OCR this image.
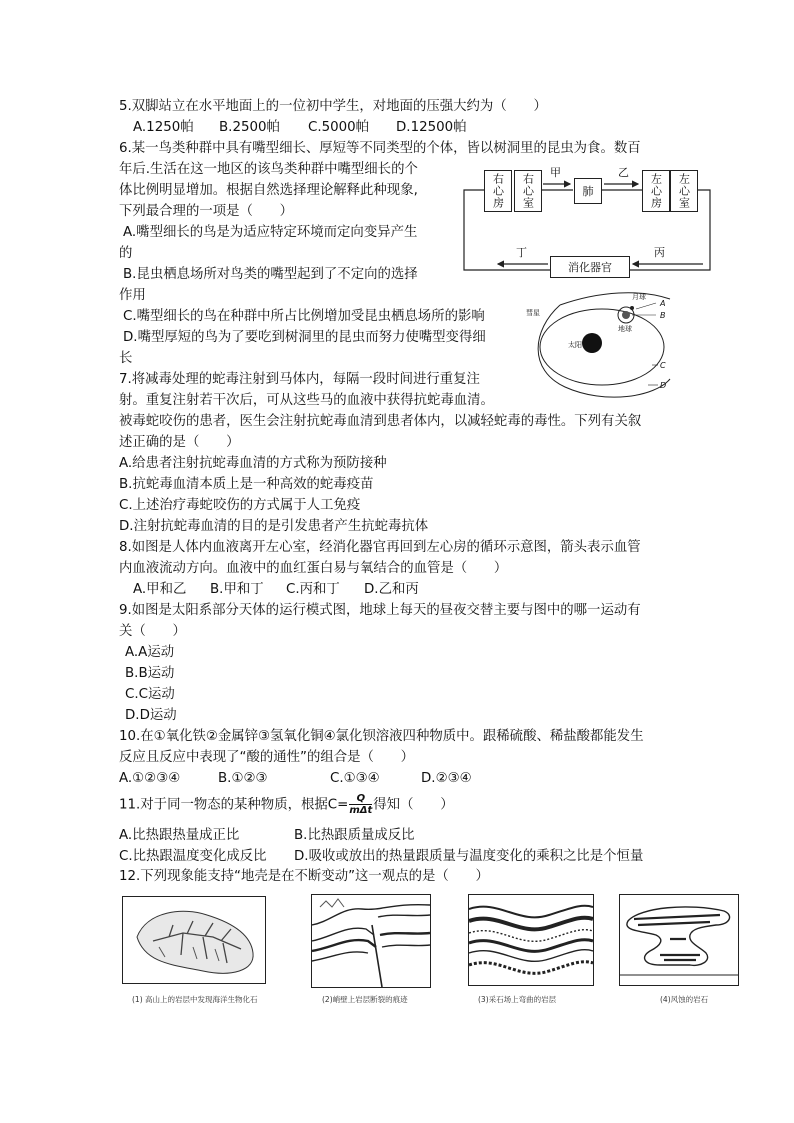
5.双脚站立在水平地面上的一位初中学生，对地面的压强大约为（　　）
A.1250帕 B.2500帕 C.5000帕 D.12500帕
6.某一鸟类种群中具有嘴型细长、厚短等不同类型的个体，皆以树洞里的昆虫为食。数百
年后.生活在这一地区的该鸟类种群中嘴型细长的个
体比例明显增加。根据自然选择理论解释此种现象,
下列最合理的一项是（　　）
A.嘴型细长的鸟是为适应特定环境而定向变异产生
的
B.昆虫栖息场所对鸟类的嘴型起到了不定向的选择
作用
C.嘴型细长的鸟在种群中所占比例增加受昆虫栖息场所的影响
D.嘴型厚短的鸟为了要吃到树洞里的昆虫而努力使嘴型变得细
长
7.将减毒处理的蛇毒注射到马体内，每隔一段时间进行重复注
射。重复注射若干次后，可从这些马的血液中获得抗蛇毒血清。
被毒蛇咬伤的患者，医生会注射抗蛇毒血清到患者体内，以减轻蛇毒的毒性。下列有关叙
述正确的是（　　）
A.给患者注射抗蛇毒血清的方式称为预防接种
B.抗蛇毒血清本质上是一种高效的蛇毒疫苗
C.上述治疗毒蛇咬伤的方式属于人工免疫
D.注射抗蛇毒血清的目的是引发患者产生抗蛇毒抗体
8.如图是人体内血液离开左心室，经消化器官再回到左心房的循环示意图，箭头表示血管
内血液流动方向。血液中的血红蛋白易与氧结合的血管是（　　）
A.甲和乙 B.甲和丁 C.丙和丁 D.乙和丙
9.如图是太阳系部分天体的运行模式图，地球上每天的昼夜交替主要与图中的哪一运动有
关（　　）
A.A运动
B.B运动
C.C运动
D.D运动
10.在①氧化铁②金属锌③氢氧化铜④氯化钡溶液四种物质中。跟稀硫酸、稀盐酸都能发生
反应且反应中表现了“酸的通性”的组合是（　　）
A.①②③④	B.①②③	C.①③④	D.②③④
11.对于同一物态的某种物质，根据$C= \frac{Q}{\text{mΔt}}$ 得知（　　）
A.比热跟热量成正比	B.比热跟质量成反比
C.比热跟温度变化成反比 D.吸收或放出的热量跟质量与温度变化的乘积之比是个恒量
12.下列现象能支持“地壳是在不断变动”这一观点的是（　　）
右心房	右心室	肺	左心房	左心室
消化器官
甲	乙
丁	丙
彗星
月球
地球
太阳
A
B
C
D
(1) 高山上的岩层中发现海洋生物化石	(2)峭壁上岩层断裂的痕迹	(3)采石场上弯曲的岩层	(4)风蚀的岩石
